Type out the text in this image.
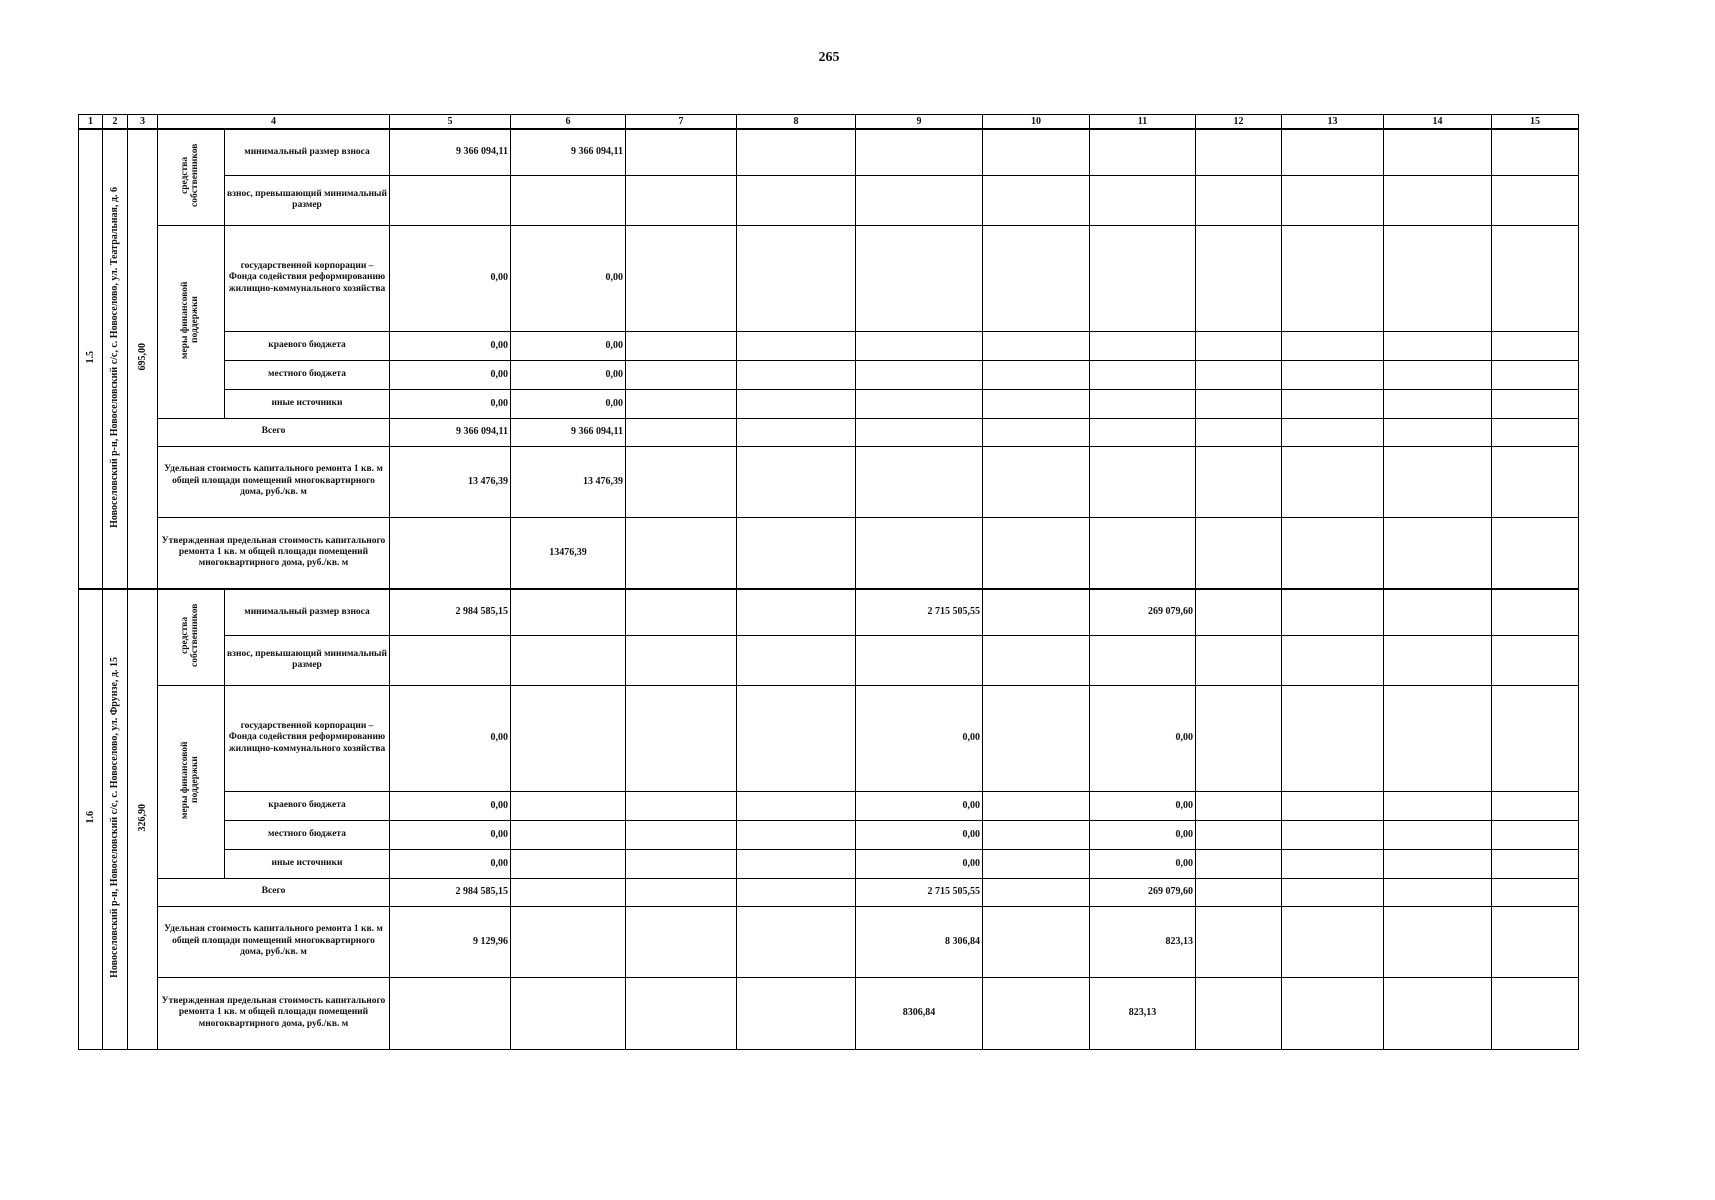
265
1	2	3	4		5	6	7	8	9	10	11	12	13	14	15
1.5	Новоселовский р-н, Новоселовский с/с, с. Новоселово, ул. Театральная, д. 6	695,00	средства собственников	минимальный размер взноса	9 366 094,11	9 366 094,11									
				взнос, превышающий минимальный размер											
			меры финансовой поддержки	государственной корпорации – Фонда содействия реформированию жилищно-коммунального хозяйства	0,00	0,00									
				краевого бюджета	0,00	0,00									
				местного бюджета	0,00	0,00									
				иные источники	0,00	0,00									
			Всего		9 366 094,11	9 366 094,11									
			Удельная стоимость капитального ремонта 1 кв. м общей площади помещений многоквартирного дома, руб./кв. м		13 476,39	13 476,39									
			Утвержденная предельная стоимость капитального ремонта 1 кв. м общей площади помещений многоквартирного дома, руб./кв. м			13476,39									
1.6	Новоселовский р-н, Новоселовский с/с, с. Новоселово, ул. Фрунзе, д. 15	326,90	средства собственников	минимальный размер взноса	2 984 585,15				2 715 505,55		269 079,60				
				взнос, превышающий минимальный размер											
			меры финансовой поддержки	государственной корпорации – Фонда содействия реформированию жилищно-коммунального хозяйства	0,00				0,00		0,00				
				краевого бюджета	0,00				0,00		0,00				
				местного бюджета	0,00				0,00		0,00				
				иные источники	0,00				0,00		0,00				
			Всего		2 984 585,15				2 715 505,55		269 079,60				
			Удельная стоимость капитального ремонта 1 кв. м общей площади помещений многоквартирного дома, руб./кв. м		9 129,96				8 306,84		823,13				
			Утвержденная предельная стоимость капитального ремонта 1 кв. м общей площади помещений многоквартирного дома, руб./кв. м						8306,84		823,13				
